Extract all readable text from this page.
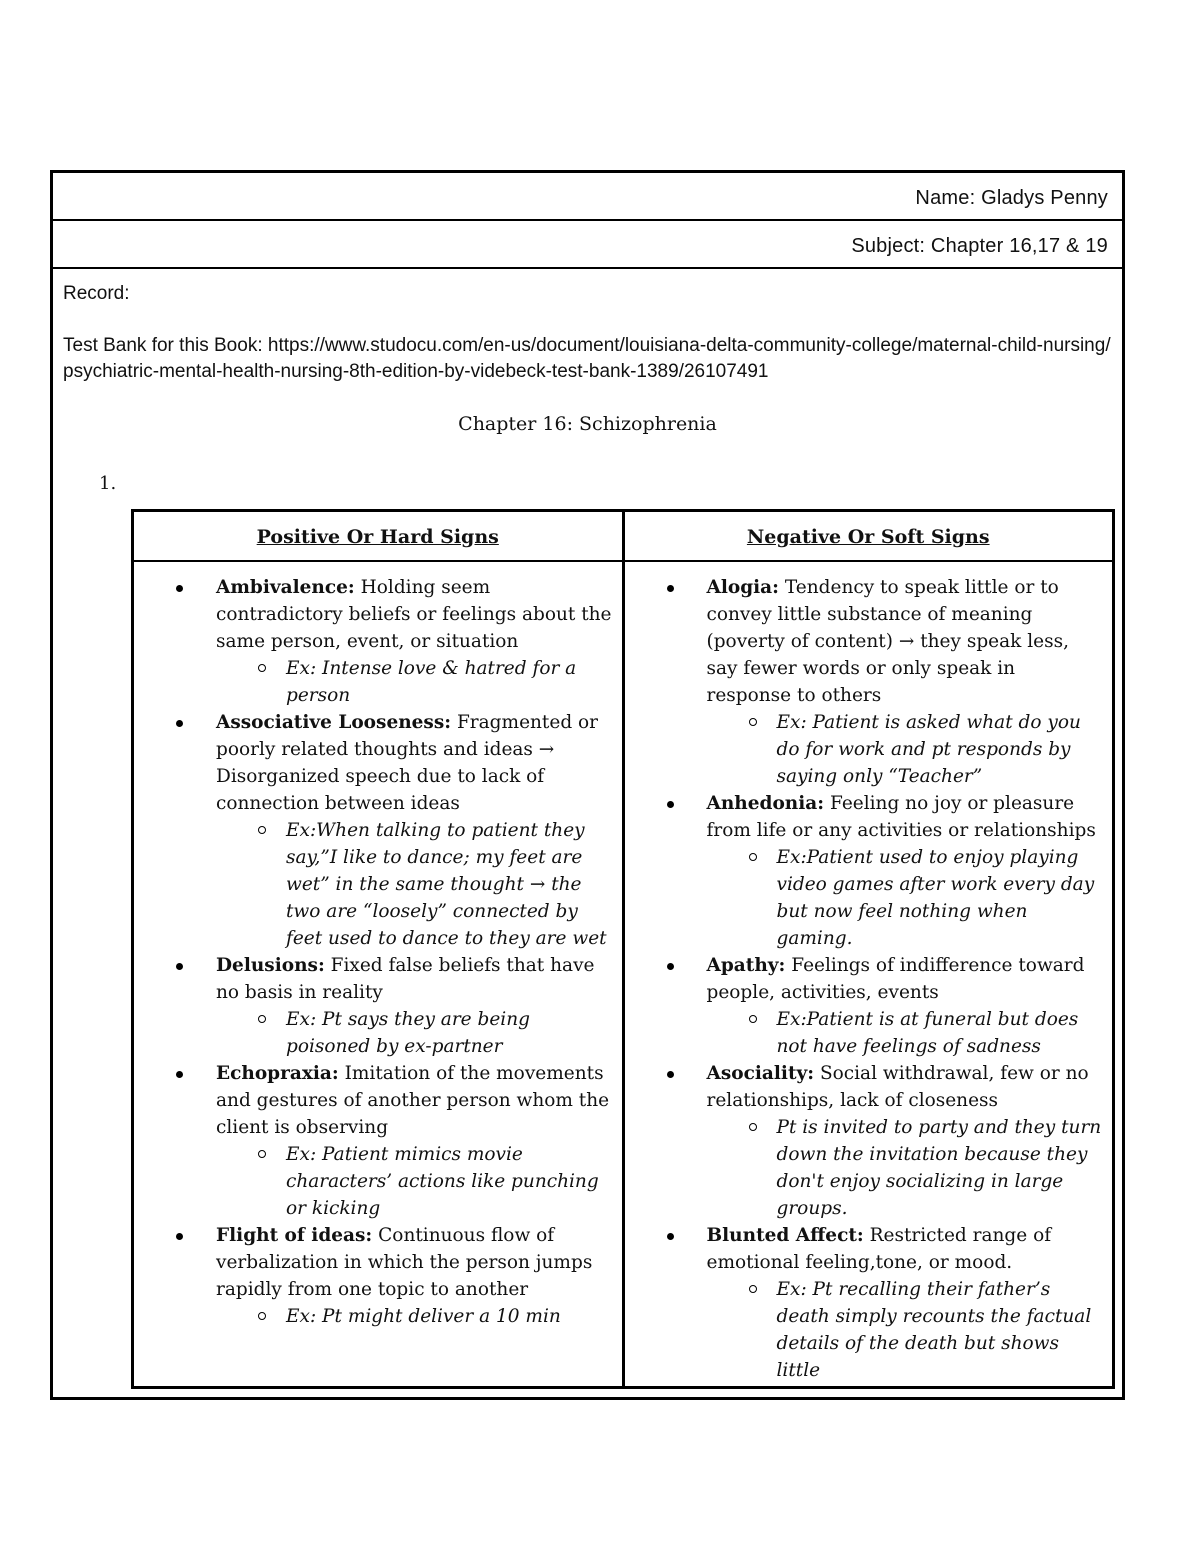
Name: Gladys Penny
Subject: Chapter 16,17 & 19

Record:

Test Bank for this Book: https://www.studocu.com/en-us/document/louisiana-delta-community-college/maternal-child-nursing/psychiatric-mental-health-nursing-8th-edition-by-videbeck-test-bank-1389/26107491

Chapter 16: Schizophrenia
1.
Positive Or Hard Signs	Negative Or Soft Signs
Ambivalence: Holding seem contradictory beliefs or feelings about the same person, event, or situation
Ex: Intense love & hatred for a person
Associative Looseness: Fragmented or poorly related thoughts and ideas → Disorganized speech due to lack of connection between ideas
Ex:When talking to patient they say,”I like to dance; my feet are wet” in the same thought → the two are “loosely” connected by feet used to dance to they are wet
Delusions: Fixed false beliefs that have no basis in reality
Ex: Pt says they are being poisoned by ex-partner
Echopraxia: Imitation of the movements and gestures of another person whom the client is observing
Ex: Patient mimics movie characters’ actions like punching or kicking
Flight of ideas: Continuous flow of verbalization in which the person jumps rapidly from one topic to another
Ex: Pt might deliver a 10 min
Alogia: Tendency to speak little or to convey little substance of meaning (poverty of content) → they speak less, say fewer words or only speak in response to others
Ex: Patient is asked what do you do for work and pt responds by saying only “Teacher”
Anhedonia: Feeling no joy or pleasure from life or any activities or relationships
Ex:Patient used to enjoy playing video games after work every day but now feel nothing when gaming.
Apathy: Feelings of indifference toward people, activities, events
Ex:Patient is at funeral but does not have feelings of sadness
Asociality: Social withdrawal, few or no relationships, lack of closeness
Pt is invited to party and they turn down the invitation because they don't enjoy socializing in large groups.
Blunted Affect: Restricted range of emotional feeling,tone, or mood.
Ex: Pt recalling their father’s death simply recounts the factual details of the death but shows little
